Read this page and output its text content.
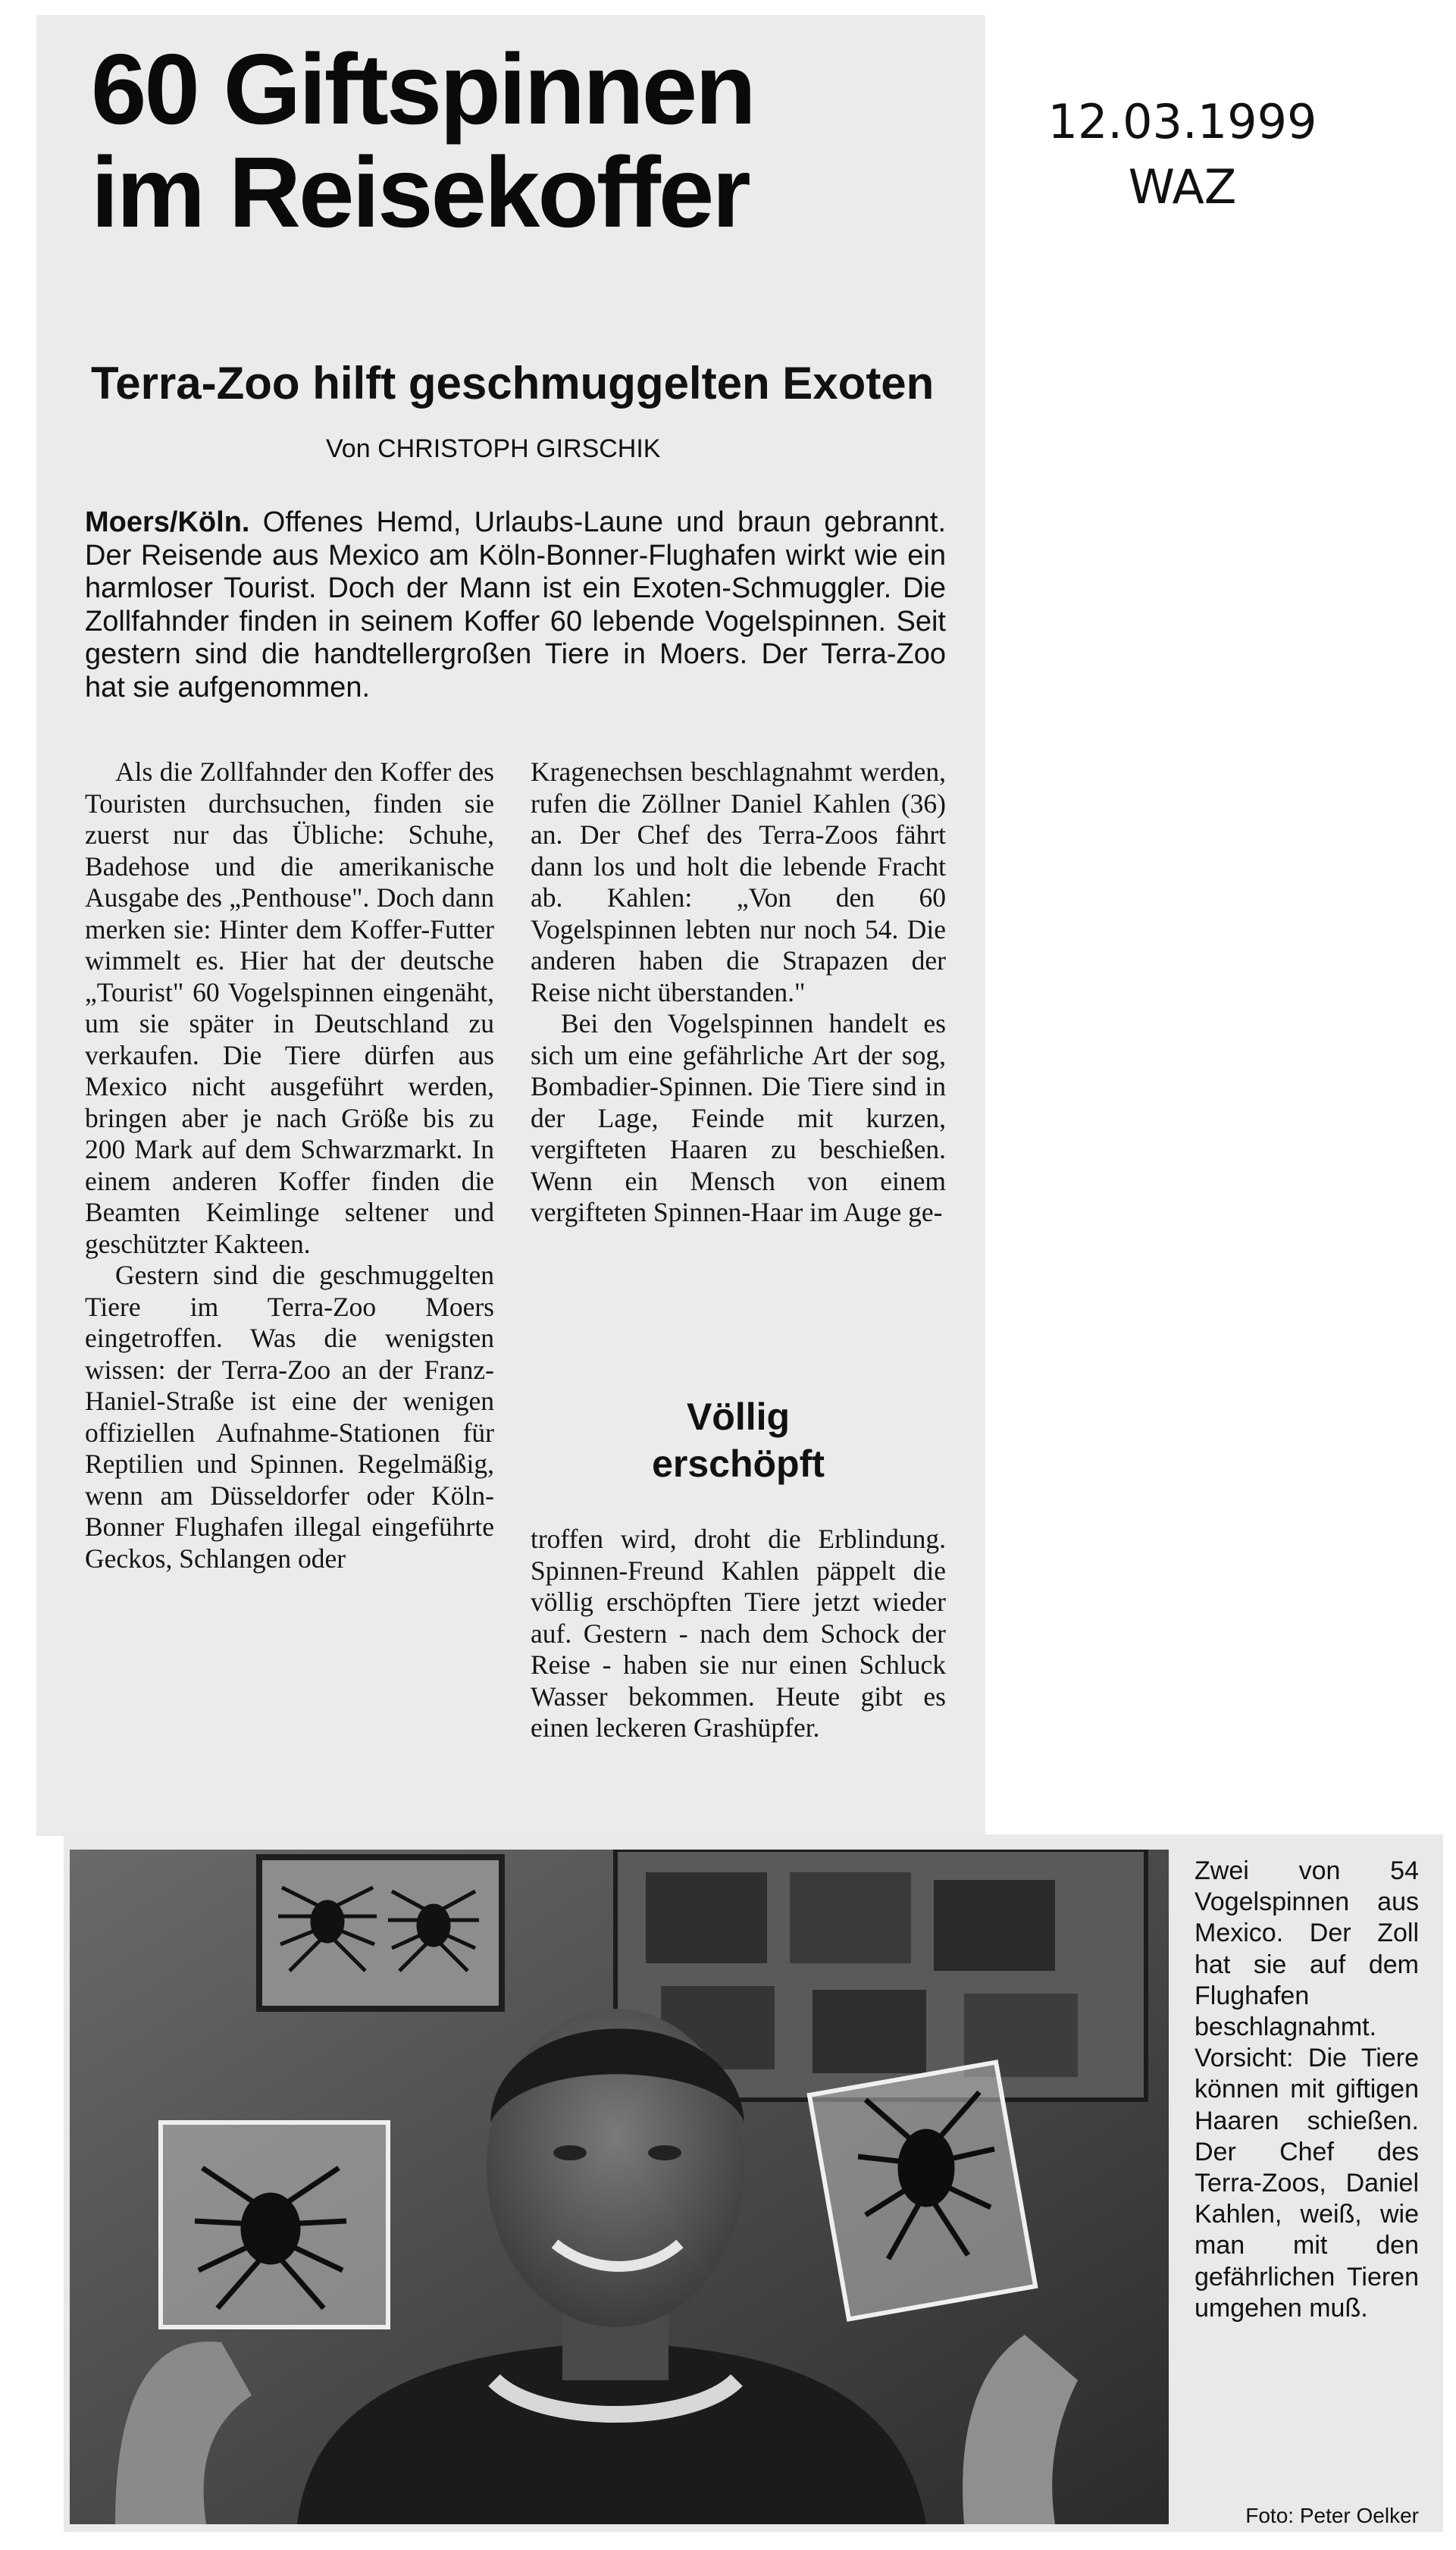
60 Giftspinnen
im Reisekoffer
12.03.1999
WAZ
Terra-Zoo hilft geschmuggelten Exoten
Von CHRISTOPH GIRSCHIK

Moers/Köln. Offenes Hemd, Urlaubs-Laune und braun gebrannt. Der Reisende aus Mexico am Köln-Bonner-Flughafen wirkt wie ein harmloser Tourist. Doch der Mann ist ein Exoten-Schmuggler. Die Zollfahnder finden in seinem Koffer 60 lebende Vogelspinnen. Seit gestern sind die handtellergroßen Tiere in Moers. Der Terra-Zoo hat sie aufgenommen.

Als die Zollfahnder den Koffer des Touristen durchsuchen, finden sie zuerst nur das Übliche: Schuhe, Badehose und die amerikanische Ausgabe des „Penthouse". Doch dann merken sie: Hinter dem Koffer-Futter wimmelt es. Hier hat der deutsche „Tourist" 60 Vogelspinnen eingenäht, um sie später in Deutschland zu verkaufen. Die Tiere dürfen aus Mexico nicht ausgeführt werden, bringen aber je nach Größe bis zu 200 Mark auf dem Schwarzmarkt. In einem anderen Koffer finden die Beamten Keimlinge seltener und geschützter Kakteen.

Gestern sind die geschmuggelten Tiere im Terra-Zoo Moers eingetroffen. Was die wenigsten wissen: der Terra-Zoo an der Franz-Haniel-Straße ist eine der wenigen offiziellen Aufnahme-Stationen für Reptilien und Spinnen. Regelmäßig, wenn am Düsseldorfer oder Köln-Bonner Flughafen illegal eingeführte Geckos, Schlangen oder

Kragenechsen beschlagnahmt werden, rufen die Zöllner Daniel Kahlen (36) an. Der Chef des Terra-Zoos fährt dann los und holt die lebende Fracht ab. Kahlen: „Von den 60 Vogelspinnen lebten nur noch 54. Die anderen haben die Strapazen der Reise nicht überstanden."

Bei den Vogelspinnen handelt es sich um eine gefährliche Art der sog, Bombadier-Spinnen. Die Tiere sind in der Lage, Feinde mit kurzen, vergifteten Haaren zu beschießen. Wenn ein Mensch von einem vergifteten Spinnen-Haar im Auge ge-

Völlig
erschöpft

troffen wird, droht die Erblindung. Spinnen-Freund Kahlen päppelt die völlig erschöpften Tiere jetzt wieder auf. Gestern - nach dem Schock der Reise - haben sie nur einen Schluck Wasser bekommen. Heute gibt es einen leckeren Grashüpfer.

Zwei von 54 Vogelspinnen aus Mexico. Der Zoll hat sie auf dem Flughafen beschlagnahmt. Vorsicht: Die Tiere können mit giftigen Haaren schießen. Der Chef des Terra-Zoos, Daniel Kahlen, weiß, wie man mit den gefährlichen Tieren umgehen muß.

Foto: Peter Oelker
